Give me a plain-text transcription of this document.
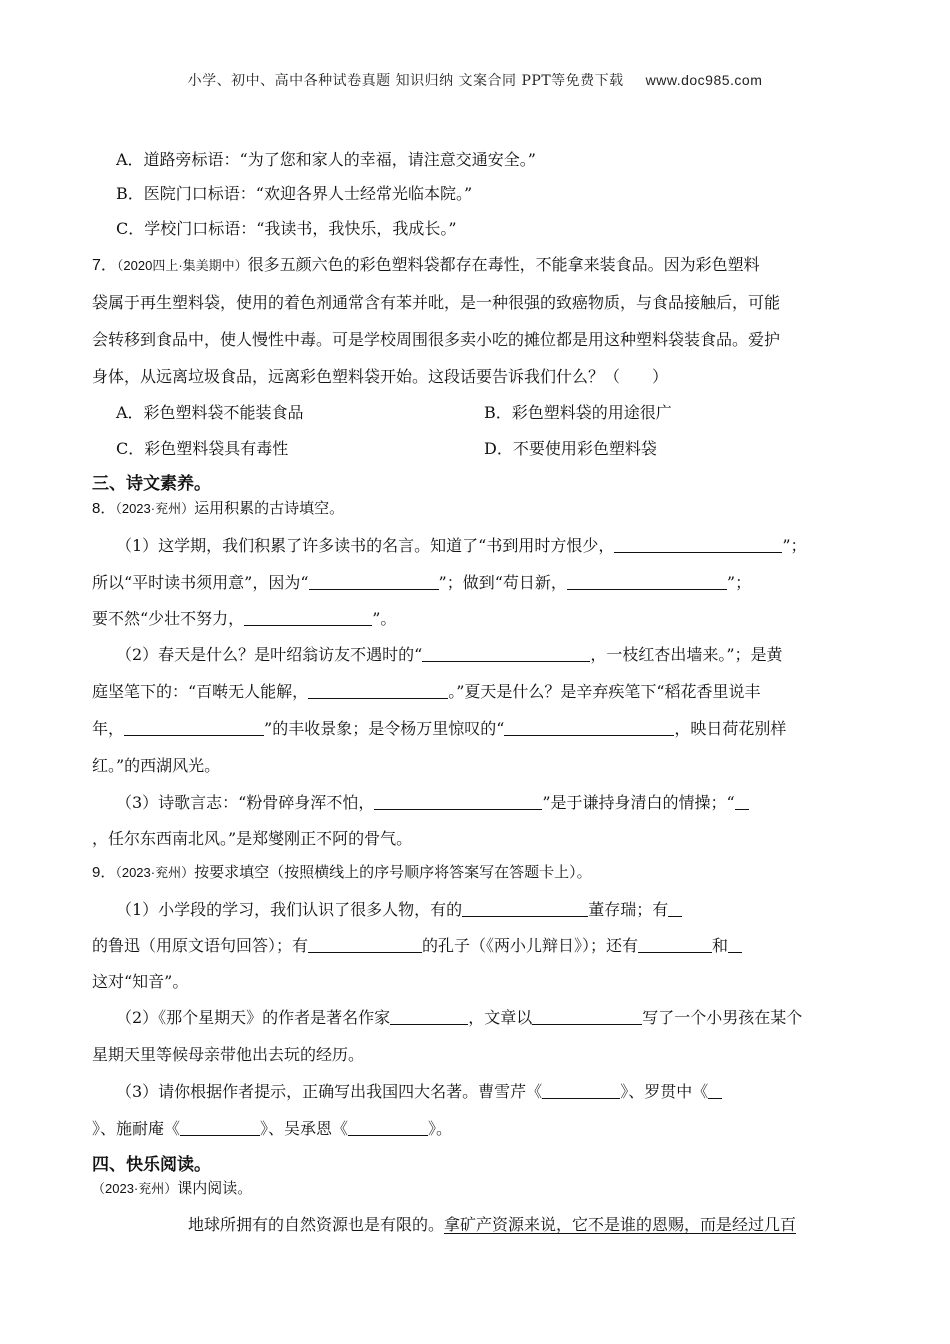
小学、初中、高中各种试卷真题 知识归纳 文案合同 PPT等免费下载 www.doc985.com
A．道路旁标语：“为了您和家人的幸福，请注意交通安全。”
B．医院门口标语：“欢迎各界人士经常光临本院。”
C．学校门口标语：“我读书，我快乐，我成长。”
7．（2020四上·集美期中）很多五颜六色的彩色塑料袋都存在毒性，不能拿来装食品。因为彩色塑料
袋属于再生塑料袋，使用的着色剂通常含有苯并吡，是一种很强的致癌物质，与食品接触后，可能
会转移到食品中，使人慢性中毒。可是学校周围很多卖小吃的摊位都是用这种塑料袋装食品。爱护
身体，从远离垃圾食品，远离彩色塑料袋开始。这段话要告诉我们什么？（　　）
A．彩色塑料袋不能装食品	B．彩色塑料袋的用途很广
C．彩色塑料袋具有毒性	D．不要使用彩色塑料袋
三、诗文素养。
8．（2023·兖州）运用积累的古诗填空。
（1）这学期，我们积累了许多读书的名言。知道了“书到用时方恨少，	”；
所以“平时读书须用意”，因为“	”；做到“苟日新，	”；
要不然“少壮不努力，	”。
（2）春天是什么？是叶绍翁访友不遇时的“	，一枝红杏出墙来。”；是黄
庭坚笔下的：“百啭无人能解，	。”夏天是什么？是辛弃疾笔下“稻花香里说丰
年，	”的丰收景象；是令杨万里惊叹的“	，映日荷花别样
红。”的西湖风光。
（3）诗歌言志：“粉骨碎身浑不怕，	”是于谦持身清白的情操；“
，任尔东西南北风。”是郑燮刚正不阿的骨气。
9．（2023·兖州）按要求填空（按照横线上的序号顺序将答案写在答题卡上）。
（1）小学段的学习，我们认识了很多人物，有的	董存瑞；有
的鲁迅（用原文语句回答）；有	的孔子（《两小儿辩日》）；还有	和
这对“知音”。
（2）《那个星期天》的作者是著名作家	，文章以	写了一个小男孩在某个
星期天里等候母亲带他出去玩的经历。
（3）请你根据作者提示，正确写出我国四大名著。曹雪芹《	》、罗贯中《
》、施耐庵《	》、吴承恩《	》。
四、快乐阅读。
（2023·兖州）课内阅读。
地球所拥有的自然资源也是有限的。拿矿产资源来说，它不是谁的恩赐，而是经过几百
